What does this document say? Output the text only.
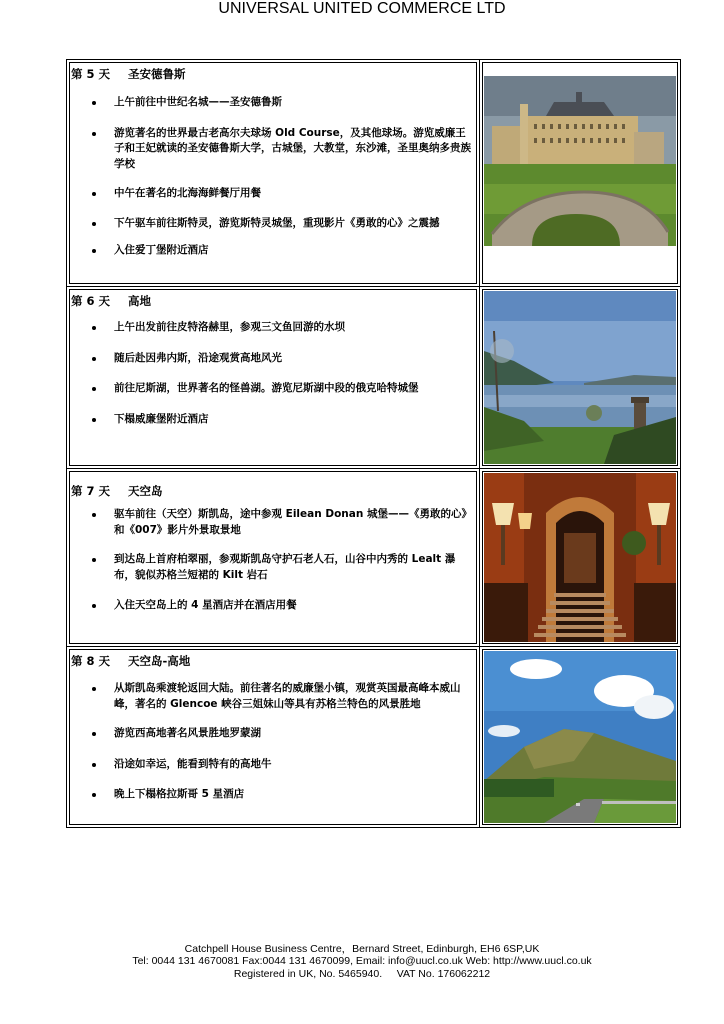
第 5 天 圣安德鲁斯
上午前往中世纪名城——圣安德鲁斯
游览著名的世界最古老高尔夫球场 Old Course，及其他球场。游览威廉王子和王妃就读的圣安德鲁斯大学，古城堡，大教堂，东沙滩，圣里奥纳多贵族学校
中午在著名的北海海鲜餐厅用餐
下午驱车前往斯特灵，游览斯特灵城堡，重现影片《勇敢的心》之震撼
入住爱丁堡附近酒店
第 6 天 高地
上午出发前往皮特洛赫里，参观三文鱼回游的水坝
随后赴因弗内斯，沿途观赏高地风光
前往尼斯湖，世界著名的怪兽湖。游览尼斯湖中段的俄克哈特城堡
下榻威廉堡附近酒店
第 7 天 天空岛
驱车前往（天空）斯凯岛，途中参观 Eilean Donan 城堡——《勇敢的心》和《007》影片外景取景地
到达岛上首府柏翠丽，参观斯凯岛守护石老人石，山谷中内秀的 Lealt 瀑布，貌似苏格兰短裙的 Kilt 岩石
入住天空岛上的 4 星酒店并在酒店用餐
第 8 天 天空岛-高地
从斯凯岛乘渡轮返回大陆。前往著名的威廉堡小镇，观赏英国最高峰本威山峰，著名的 Glencoe 峡谷三姐妹山等具有苏格兰特色的风景胜地
游览西高地著名风景胜地罗蒙湖
沿途如幸运，能看到特有的高地牛
晚上下榻格拉斯哥 5 星酒店
UNIVERSAL UNITED COMMERCE LTD
Catchpell House Business Centre，Bernard Street, Edinburgh, EH6 6SP,UK
Tel: 0044 131 4670081 Fax:0044 131 4670099, Email: info@uucl.co.uk Web: http://www.uucl.co.uk
Registered in UK, No. 5465940.     VAT No. 176062212
